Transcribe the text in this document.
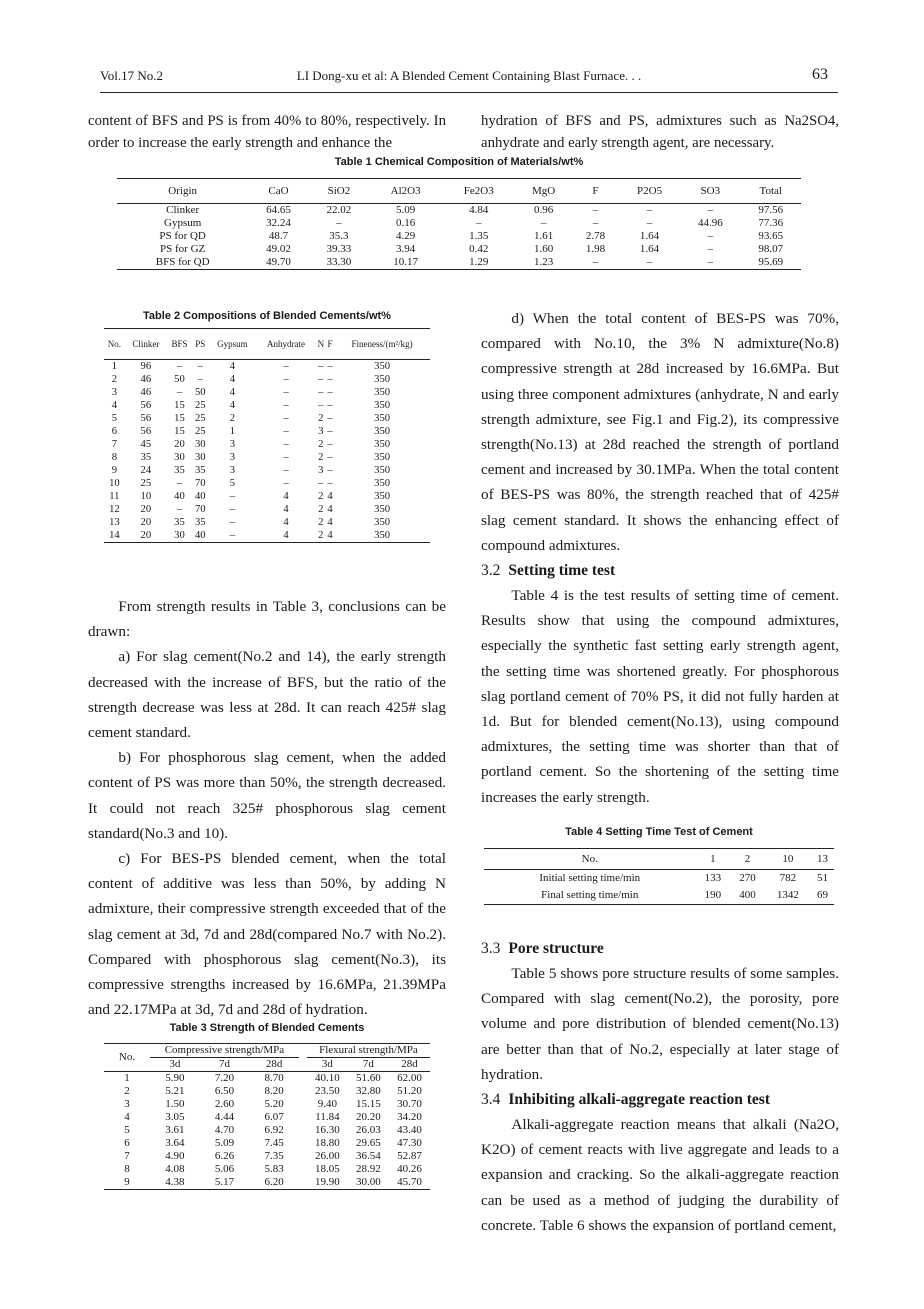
Vol.17 No.2	LI Dong-xu et al: A Blended Cement Containing Blast Furnace. . .	63

content of BFS and PS is from 40% to 80%, respectively. In order to increase the early strength and enhance the

hydration of BFS and PS, admixtures such as Na2SO4, anhydrate and early strength agent, are necessary.

Table 1 Chemical Composition of Materials/wt%
Origin	CaO	SiO2	Al2O3	Fe2O3	MgO	F	P2O5	SO3	Total
Clinker	64.65	22.02	5.09	4.84	0.96	–	–	–	97.56
Gypsum	32.24	–	0.16	–	–	–	–	44.96	77.36
PS for QD	48.7	35.3	4.29	1.35	1.61	2.78	1.64	–	93.65
PS for GZ	49.02	39.33	3.94	0.42	1.60	1.98	1.64	–	98.07
BFS for QD	49.70	33.30	10.17	1.29	1.23	–	–	–	95.69
Table 2 Compositions of Blended Cements/wt%
No.	Clinker	BFS	PS	Gypsum	Anhydrate	N	F	Fineness/(m²/kg)
1	96	–	–	4	–	–	–	350
2	46	50	–	4	–	–	–	350
3	46	–	50	4	–	–	–	350
4	56	15	25	4	–	–	–	350
5	56	15	25	2	–	2	–	350
6	56	15	25	1	–	3	–	350
7	45	20	30	3	–	2	–	350
8	35	30	30	3	–	2	–	350
9	24	35	35	3	–	3	–	350
10	25	–	70	5	–	–	–	350
11	10	40	40	–	4	2	4	350
12	20	–	70	–	4	2	4	350
13	20	35	35	–	4	2	4	350
14	20	30	40	–	4	2	4	350

From strength results in Table 3, conclusions can be drawn:

a) For slag cement(No.2 and 14), the early strength decreased with the increase of BFS, but the ratio of the strength decrease was less at 28d. It can reach 425# slag cement standard.

b) For phosphorous slag cement, when the added content of PS was more than 50%, the strength decreased. It could not reach 325# phosphorous slag cement standard(No.3 and 10).

c) For BES-PS blended cement, when the total content of additive was less than 50%, by adding N admixture, their compressive strength exceeded that of the slag cement at 3d, 7d and 28d(compared No.7 with No.2). Compared with phosphorous slag cement(No.3), its compressive strengths increased by 16.6MPa, 21.39MPa and 22.17MPa at 3d, 7d and 28d of hydration.

Table 3 Strength of Blended Cements
No.	Compressive strength/MPa				Flexural strength/MPa		
	3d	7d	28d		3d	7d	28d
1	5.90	7.20	8.70		40.10	51.60	62.00
2	5.21	6.50	8.20		23.50	32.80	51.20
3	1.50	2.60	5.20		9.40	15.15	30.70
4	3.05	4.44	6.07		11.84	20.20	34.20
5	3.61	4.70	6.92		16.30	26.03	43.40
6	3.64	5.09	7.45		18.80	29.65	47.30
7	4.90	6.26	7.35		26.00	36.54	52.87
8	4.08	5.06	5.83		18.05	28.92	40.26
9	4.38	5.17	6.20		19.90	30.00	45.70

d) When the total content of BES-PS was 70%, compared with No.10, the 3% N admixture(No.8) compressive strength at 28d increased by 16.6MPa. But using three component admixtures (anhydrate, N and early strength admixture, see Fig.1 and Fig.2), its compressive strength(No.13) at 28d reached the strength of portland cement and increased by 30.1MPa. When the total content of BES-PS was 80%, the strength reached that of 425# slag cement standard. It shows the enhancing effect of compound admixtures.

3.2 Setting time test

Table 4 is the test results of setting time of cement. Results show that using the compound admixtures, especially the synthetic fast setting early strength agent, the setting time was shortened greatly. For phosphorous slag portland cement of 70% PS, it did not fully harden at 1d. But for blended cement(No.13), using compound admixtures, the setting time was shorter than that of portland cement. So the shortening of the setting time increases the early strength.

Table 4 Setting Time Test of Cement
No.	1	2	10	13
Initial setting time/min	133	270	782	51
Final setting time/min	190	400	1342	69
3.3 Pore structure

Table 5 shows pore structure results of some samples. Compared with slag cement(No.2), the porosity, pore volume and pore distribution of blended cement(No.13) are better than that of No.2, especially at later stage of hydration.

3.4 Inhibiting alkali-aggregate reaction test

Alkali-aggregate reaction means that alkali (Na2O, K2O) of cement reacts with live aggregate and leads to a expansion and cracking. So the alkali-aggregate reaction can be used as a method of judging the durability of concrete. Table 6 shows the expansion of portland cement,
